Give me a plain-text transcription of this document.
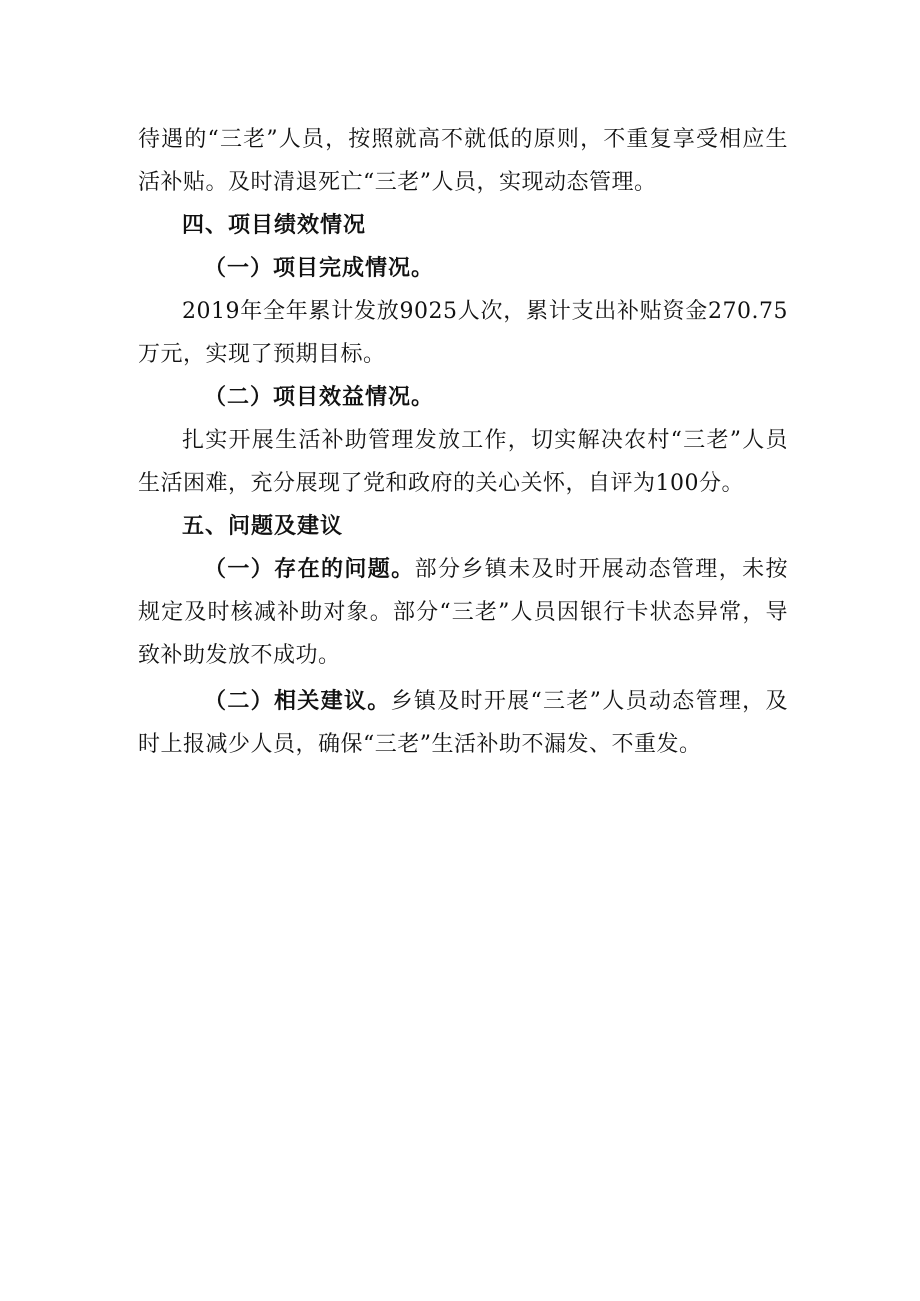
待遇的“三老”人员，按照就高不就低的原则，不重复享受相应生活补贴。及时清退死亡“三老”人员，实现动态管理。

四、项目绩效情况

（一）项目完成情况。

2019年全年累计发放9025人次，累计支出补贴资金270.75万元，实现了预期目标。

（二）项目效益情况。

扎实开展生活补助管理发放工作，切实解决农村“三老”人员生活困难，充分展现了党和政府的关心关怀，自评为100分。

五、问题及建议

（一）存在的问题。部分乡镇未及时开展动态管理，未按规定及时核减补助对象。部分“三老”人员因银行卡状态异常，导致补助发放不成功。

（二）相关建议。乡镇及时开展“三老”人员动态管理，及时上报减少人员，确保“三老”生活补助不漏发、不重发。
